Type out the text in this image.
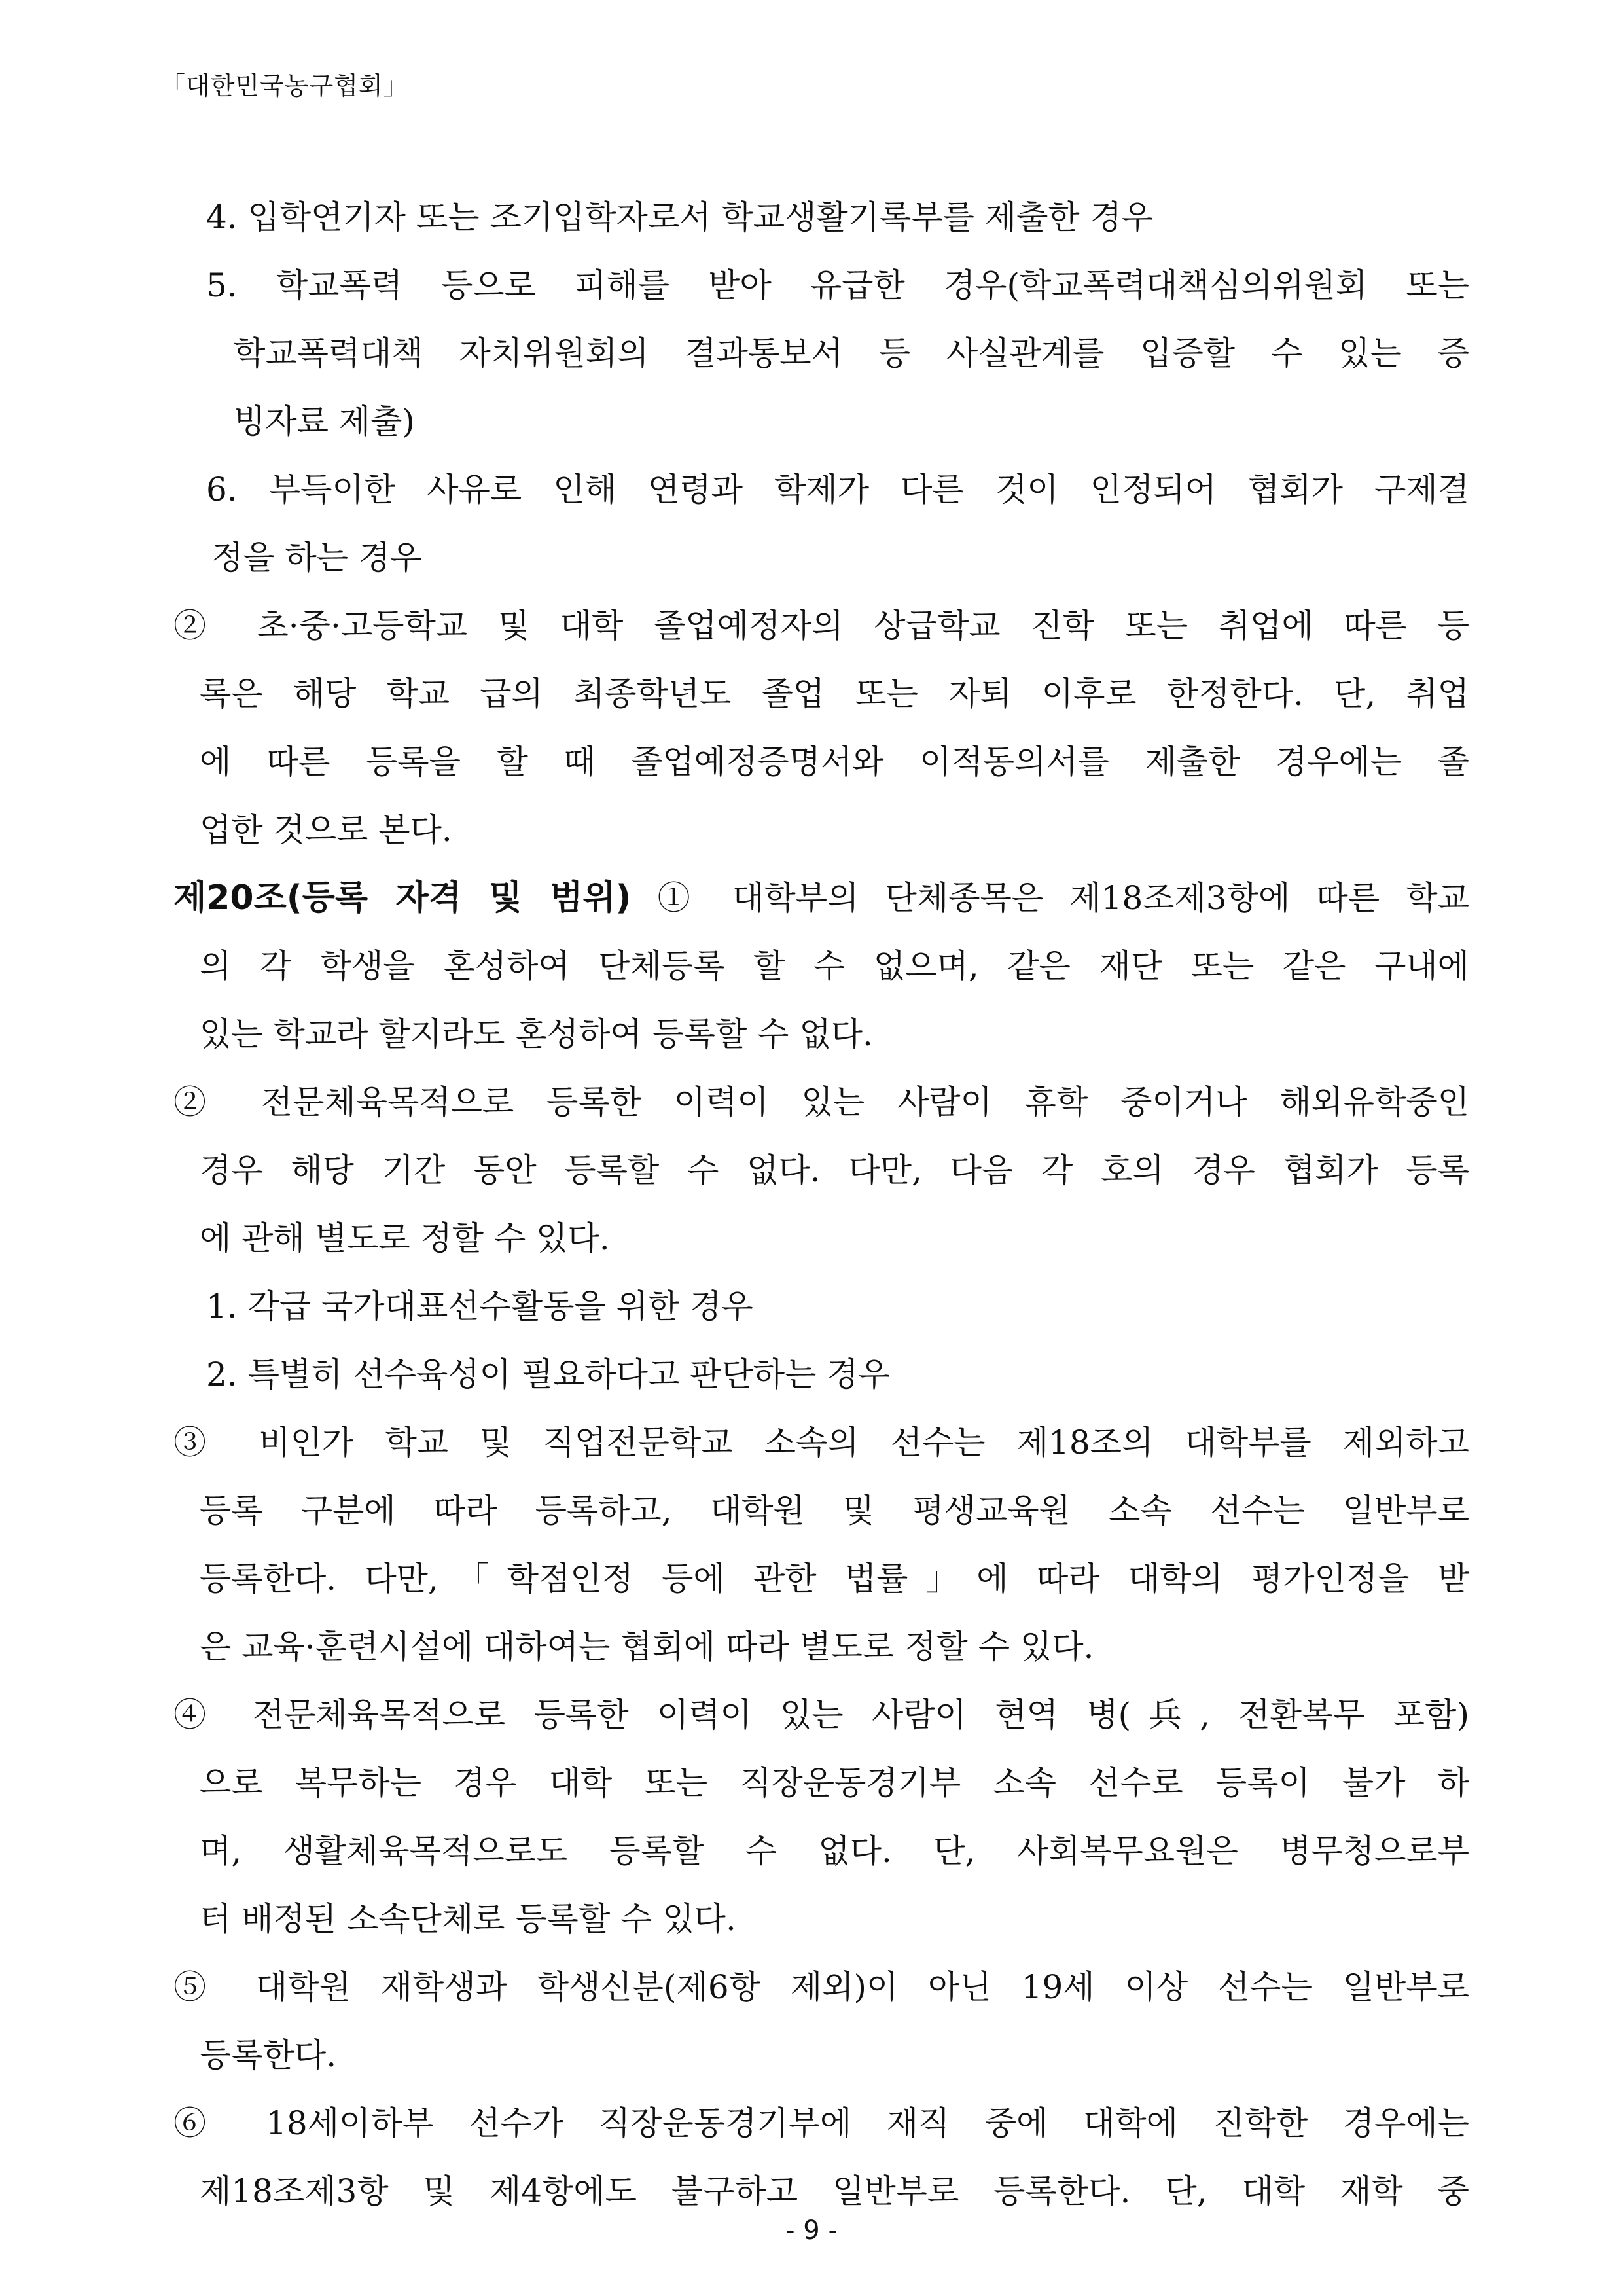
「대한민국농구협회」
4. 입학연기자 또는 조기입학자로서 학교생활기록부를 제출한 경우
5. 학교폭력 등으로 피해를 받아 유급한 경우(학교폭력대책심의위원회 또는
학교폭력대책 자치위원회의 결과통보서 등 사실관계를 입증할 수 있는 증
빙자료 제출)
6. 부득이한 사유로 인해 연령과 학제가 다른 것이 인정되어 협회가 구제결
정을 하는 경우
② 초·중·고등학교 및 대학 졸업예정자의 상급학교 진학 또는 취업에 따른 등
록은 해당 학교 급의 최종학년도 졸업 또는 자퇴 이후로 한정한다. 단, 취업
에 따른 등록을 할 때 졸업예정증명서와 이적동의서를 제출한 경우에는 졸
업한 것으로 본다.
제20조(등록 자격 및 범위) ① 대학부의 단체종목은 제18조제3항에 따른 학교
의 각 학생을 혼성하여 단체등록 할 수 없으며, 같은 재단 또는 같은 구내에
있는 학교라 할지라도 혼성하여 등록할 수 없다.
② 전문체육목적으로 등록한 이력이 있는 사람이 휴학 중이거나 해외유학중인
경우 해당 기간 동안 등록할 수 없다. 다만, 다음 각 호의 경우 협회가 등록
에 관해 별도로 정할 수 있다.
1. 각급 국가대표선수활동을 위한 경우
2. 특별히 선수육성이 필요하다고 판단하는 경우
③ 비인가 학교 및 직업전문학교 소속의 선수는 제18조의 대학부를 제외하고
등록 구분에 따라 등록하고, 대학원 및 평생교육원 소속 선수는 일반부로
등록한다. 다만,「학점인정 등에 관한 법률」에 따라 대학의 평가인정을 받
은 교육·훈련시설에 대하여는 협회에 따라 별도로 정할 수 있다.
④ 전문체육목적으로 등록한 이력이 있는 사람이 현역 병(兵, 전환복무 포함)
으로 복무하는 경우 대학 또는 직장운동경기부 소속 선수로 등록이 불가 하
며, 생활체육목적으로도 등록할 수 없다. 단, 사회복무요원은 병무청으로부
터 배정된 소속단체로 등록할 수 있다.
⑤ 대학원 재학생과 학생신분(제6항 제외)이 아닌 19세 이상 선수는 일반부로
등록한다.
⑥ 18세이하부 선수가 직장운동경기부에 재직 중에 대학에 진학한 경우에는
제18조제3항 및 제4항에도 불구하고 일반부로 등록한다. 단, 대학 재학 중
- 9 -
